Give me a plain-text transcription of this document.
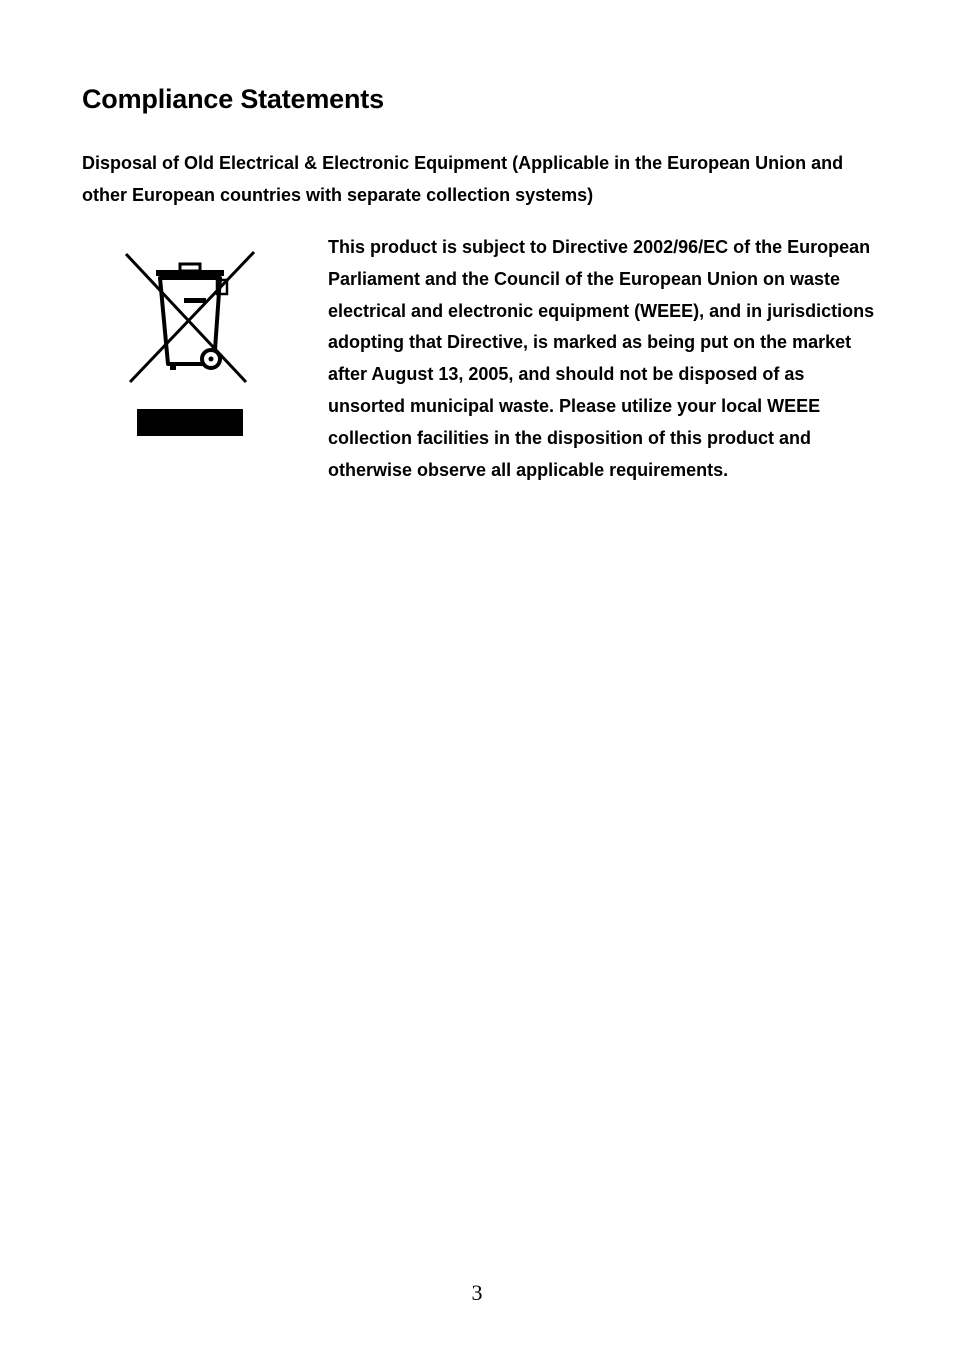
Compliance Statements

Disposal of Old Electrical & Electronic Equipment (Applicable in the European Union and other European countries with separate collection systems)

This product is subject to Directive 2002/96/EC of the European Parliament and the Council of the European Union on waste electrical and electronic equipment (WEEE), and in jurisdictions adopting that Directive, is marked as being put on the market after August 13, 2005, and should not be disposed of as unsorted municipal waste. Please utilize your local WEEE collection facilities in the disposition of this product and otherwise observe all applicable requirements.

3
